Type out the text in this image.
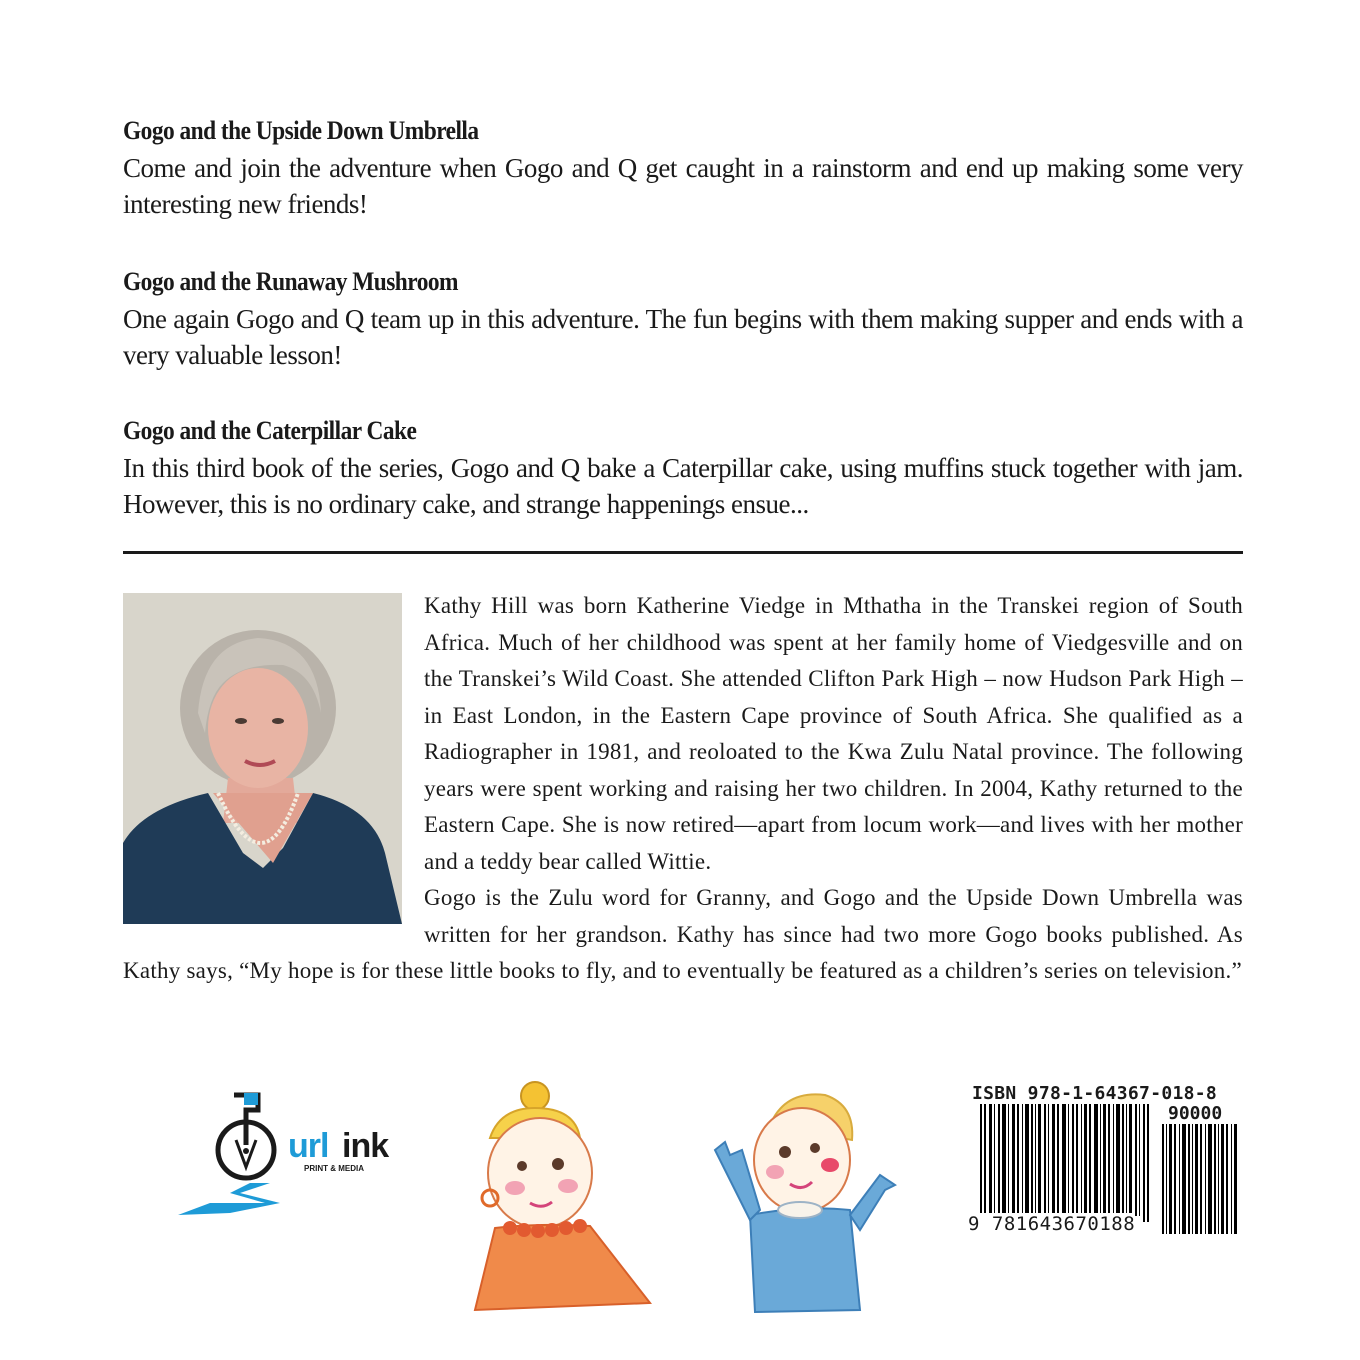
Gogo and the Upside Down Umbrella

Come and join the adventure when Gogo and Q get caught in a rainstorm and end up making some very interesting new friends!

Gogo and the Runaway Mushroom

One again Gogo and Q team up in this adventure. The fun begins with them making supper and ends with a very valuable lesson!

Gogo and the Caterpillar Cake

In this third book of the series, Gogo and Q bake a Caterpillar cake, using muffins stuck together with jam. However, this is no ordinary cake, and strange happenings ensue...

Kathy Hill was born Katherine Viedge in Mthatha in the Transkei region of South Africa. Much of her childhood was spent at her family home of Viedgesville and on the Transkei’s Wild Coast. She attended Clifton Park High – now Hudson Park High – in East London, in the Eastern Cape province of South Africa. She qualified as a Radiographer in 1981, and reoloated to the Kwa Zulu Natal province. The following years were spent working and raising her two children. In 2004, Kathy returned to the Eastern Cape. She is now retired—apart from locum work—and lives with her mother and a teddy bear called Wittie.

Gogo is the Zulu word for Granny, and Gogo and the Upside Down Umbrella was written for her grandson. Kathy has since had two more Gogo books published. As Kathy says, “My hope is for these little books to fly, and to eventually be featured as a children’s series on television.”

url ink
PRINT & MEDIA
ISBN 978-1-64367-018-8
90000
9 781643670188
